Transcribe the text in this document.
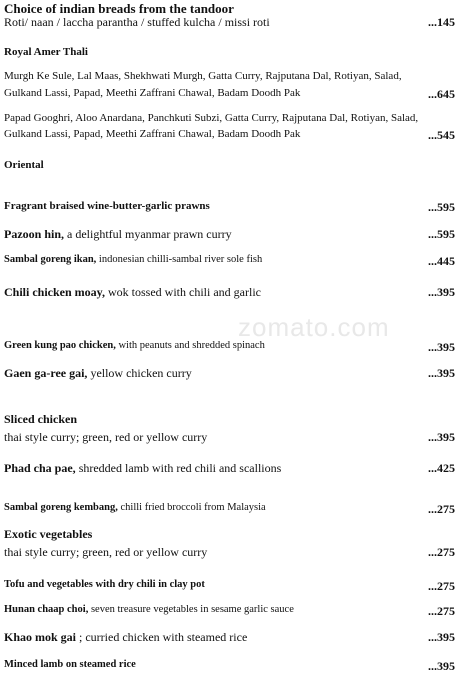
zomato.com
Choice of indian breads from the tandoor
Roti/ naan / laccha parantha / stuffed kulcha / missi roti	...145
Royal Amer Thali
Murgh Ke Sule, Lal Maas, Shekhwati Murgh, Gatta Curry, Rajputana Dal, Rotiyan, Salad,
Gulkand Lassi, Papad, Meethi Zaffrani Chawal, Badam Doodh Pak	...645
Papad Googhri, Aloo Anardana, Panchkuti Subzi, Gatta Curry, Rajputana Dal, Rotiyan, Salad,
Gulkand Lassi, Papad, Meethi Zaffrani Chawal, Badam Doodh Pak	...545
Oriental
Fragrant braised wine-butter-garlic prawns	...595
Pazoon hin, a delightful myanmar prawn curry	...595
Sambal goreng ikan, indonesian chilli-sambal river sole fish	...445
Chili chicken moay, wok tossed with chili and garlic	...395
Green kung pao chicken, with peanuts and shredded spinach	...395
Gaen ga-ree gai, yellow chicken curry	...395
Sliced chicken
thai style curry; green, red or yellow curry	...395
Phad cha pae, shredded lamb with red chili and scallions	...425
Sambal goreng kembang, chilli fried broccoli from Malaysia	...275
Exotic vegetables
thai style curry; green, red or yellow curry	...275
Tofu and vegetables with dry chili in clay pot	...275
Hunan chaap choi, seven treasure vegetables in sesame garlic sauce	...275
Khao mok gai ; curried chicken with steamed rice	...395
Minced lamb on steamed rice	...395
